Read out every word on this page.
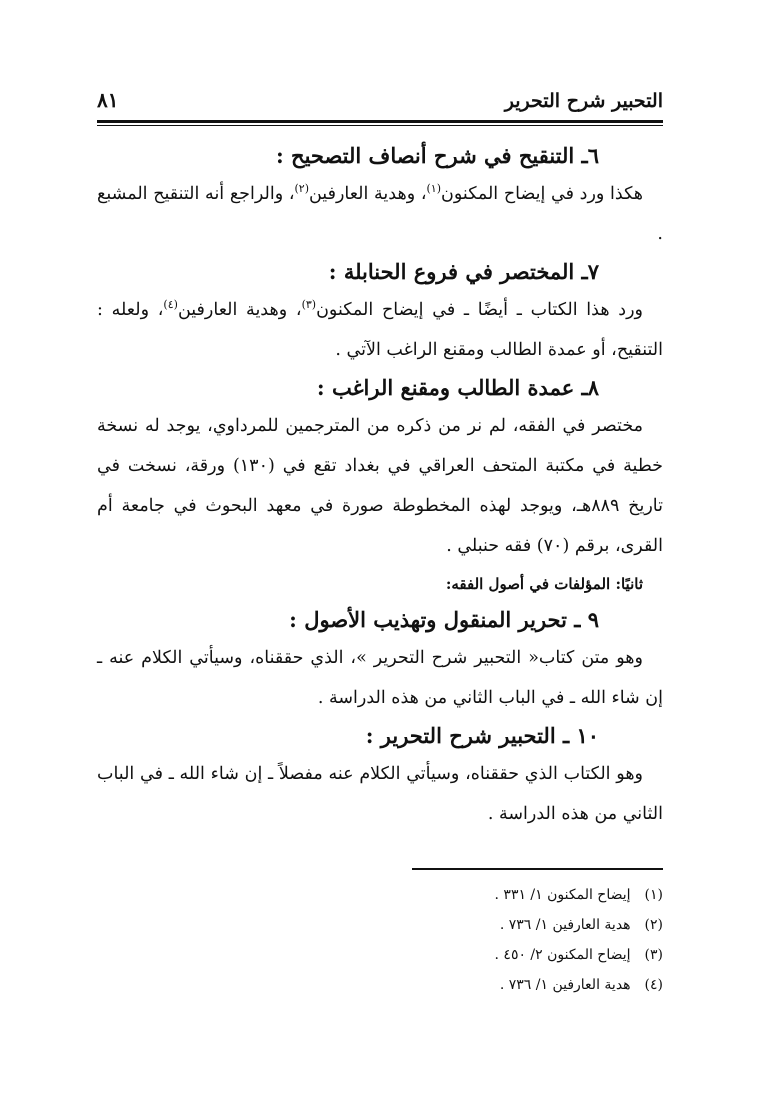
التحبير شرح التحرير
٨١

٦ـ التنقيح في شرح أنصاف التصحيح :

هكذا ورد في إيضاح المكنون$^{(١)}$، وهدية العارفين$^{(٢)}$، والراجع أنه التنقيح المشبع .

٧ـ المختصر في فروع الحنابلة :

ورد هذا الكتاب ـ أيضًا ـ في إيضاح المكنون$^{(٣)}$، وهدية العارفين$^{(٤)}$، ولعله : التنقيح، أو عمدة الطالب ومقنع الراغب الآتي .

٨ـ عمدة الطالب ومقنع الراغب :

مختصر في الفقه، لم نر من ذكره من المترجمين للمرداوي، يوجد له نسخة خطية في مكتبة المتحف العراقي في بغداد تقع في (١٣٠) ورقة، نسخت في تاريخ ٨٨٩هـ، ويوجد لهذه المخطوطة صورة في معهد البحوث في جامعة أم القرى، برقم (٧٠) فقه حنبلي .

ثانيًا: المؤلفات في أصول الفقه:

٩ ـ تحرير المنقول وتهذيب الأصول :

وهو متن كتاب« التحبير شرح التحرير »، الذي حققناه، وسيأتي الكلام عنه ـ إن شاء الله ـ في الباب الثاني من هذه الدراسة .

١٠ ـ التحبير شرح التحرير :

وهو الكتاب الذي حققناه، وسيأتي الكلام عنه مفصلاً ـ إن شاء الله ـ في الباب الثاني من هذه الدراسة .

(١) إيضاح المكنون ١/ ٣٣١ .

(٢) هدية العارفين ١/ ٧٣٦ .

(٣) إيضاح المكنون ٢/ ٤٥٠ .

(٤) هدية العارفين ١/ ٧٣٦ .
